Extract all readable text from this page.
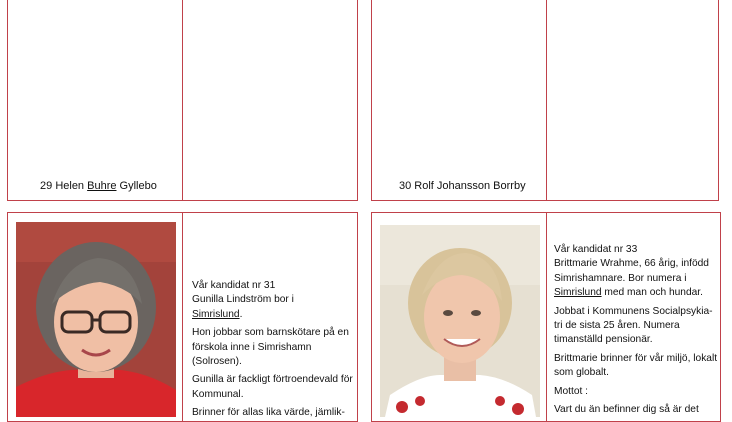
29 Helen Buhre Gyllebo	30 Rolf Johansson Borrby

Vår kandidat nr 31

Gunilla Lindström bor i
Simrislund.

Hon jobbar som barnskötare på en förskola inne i Simrishamn (Solrosen).

Gunilla är fackligt förtroendevald för Kommunal.

Brinner för allas lika värde, jämlik-

Vår kandidat nr 33

Brittmarie Wrahme, 66 årig, infödd Simrishamnare. Bor numera i
Simrislund med man och hundar.

Jobbat i Kommunens Socialpsykia-tri de sista 25 åren. Numera timanställd pensionär.

Brittmarie brinner för vår miljö, lokalt som globalt.

Mottot :

Vart du än befinner dig så är det
